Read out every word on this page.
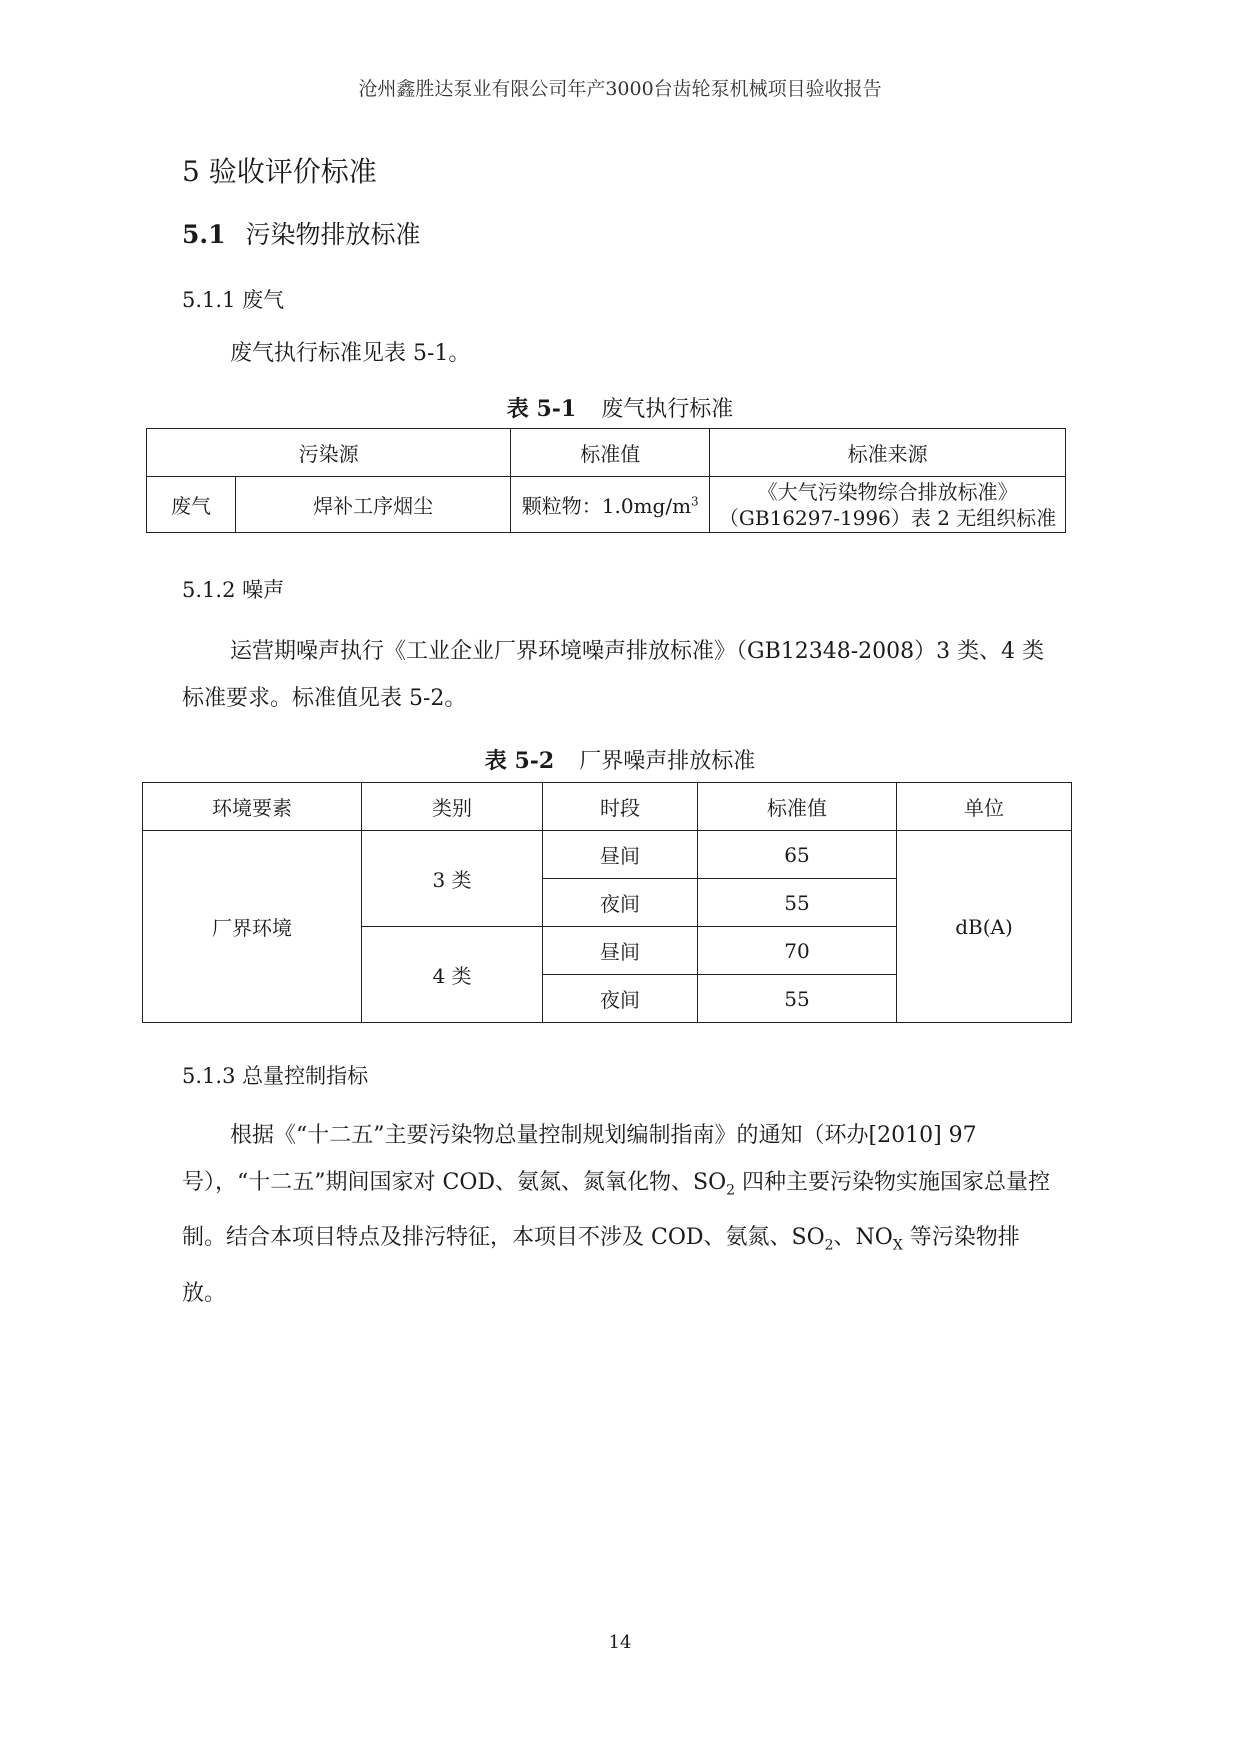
沧州鑫胜达泵业有限公司年产3000台齿轮泵机械项目验收报告
5 验收评价标准
5.1 污染物排放标准
5.1.1 废气
废气执行标准见表 5-1。
表 5-1 废气执行标准
污染源		标准值	标准来源
废气	焊补工序烟尘	颗粒物：$1.0mg/m^3$	《大气污染物综合排放标准》
（GB16297-1996）表 2 无组织标准
5.1.2 噪声
运营期噪声执行《工业企业厂界环境噪声排放标准》（GB12348-2008）3 类、4 类标准要求。标准值见表 5-2。
表 5-2 厂界噪声排放标准
环境要素	类别	时段	标准值	单位
厂界环境	3 类	昼间	65	dB(A)
		夜间	55	
	4 类	昼间	70	
		夜间	55	
5.1.3 总量控制指标
根据《“十二五”主要污染物总量控制规划编制指南》的通知（环办[2010] 97 号），“十二五”期间国家对 COD、氨氮、氮氧化物、$SO_2$ 四种主要污染物实施国家总量控制。结合本项目特点及排污特征，本项目不涉及 COD、氨氮、$SO_2$、$NO_X$ 等污染物排放。
14
